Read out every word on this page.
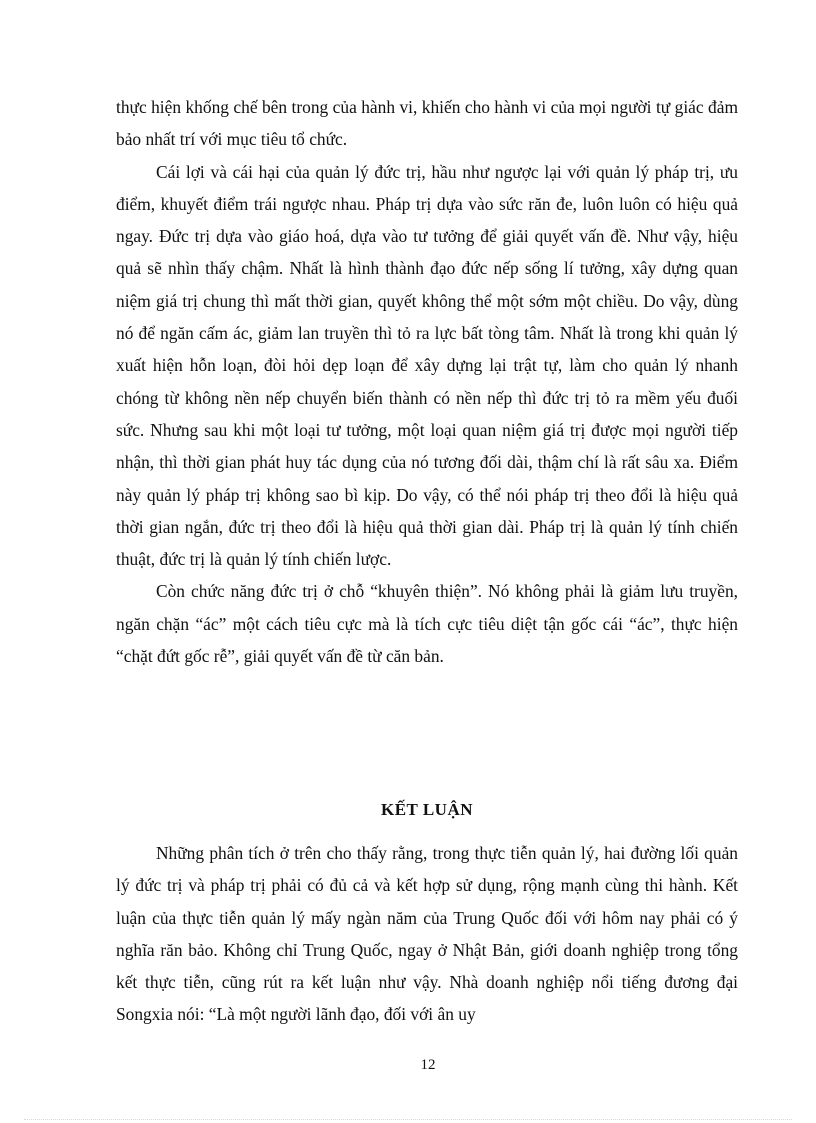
thực hiện khống chế bên trong của hành vi, khiến cho hành vi của mọi người tự giác đảm bảo nhất trí với mục tiêu tổ chức.

Cái lợi và cái hại của quản lý đức trị, hầu như ngược lại với quản lý pháp trị, ưu điểm, khuyết điểm trái ngược nhau. Pháp trị dựa vào sức răn đe, luôn luôn có hiệu quả ngay. Đức trị dựa vào giáo hoá, dựa vào tư tưởng để giải quyết vấn đề. Như vậy, hiệu quả sẽ nhìn thấy chậm. Nhất là hình thành đạo đức nếp sống lí tưởng, xây dựng quan niệm giá trị chung thì mất thời gian, quyết không thể một sớm một chiều. Do vậy, dùng nó để ngăn cấm ác, giảm lan truyền thì tỏ ra lực bất tòng tâm. Nhất là trong khi quản lý xuất hiện hỗn loạn, đòi hỏi dẹp loạn để xây dựng lại trật tự, làm cho quản lý nhanh chóng từ không nền nếp chuyển biến thành có nền nếp thì đức trị tỏ ra mềm yếu đuối sức. Nhưng sau khi một loại tư tưởng, một loại quan niệm giá trị được mọi người tiếp nhận, thì thời gian phát huy tác dụng của nó tương đối dài, thậm chí là rất sâu xa. Điểm này quản lý pháp trị không sao bì kịp. Do vậy, có thể nói pháp trị theo đổi là hiệu quả thời gian ngắn, đức trị theo đổi là hiệu quả thời gian dài. Pháp trị là quản lý tính chiến thuật, đức trị là quản lý tính chiến lược.

Còn chức năng đức trị ở chỗ “khuyên thiện”. Nó không phải là giảm lưu truyền, ngăn chặn “ác” một cách tiêu cực mà là tích cực tiêu diệt tận gốc cái “ác”, thực hiện “chặt đứt gốc rễ”, giải quyết vấn đề từ căn bản.

KẾT LUẬN

Những phân tích ở trên cho thấy rằng, trong thực tiễn quản lý, hai đường lối quản lý đức trị và pháp trị phải có đủ cả và kết hợp sử dụng, rộng mạnh cùng thi hành. Kết luận của thực tiễn quản lý mấy ngàn năm của Trung Quốc đối với hôm nay phải có ý nghĩa răn bảo. Không chỉ Trung Quốc, ngay ở Nhật Bản, giới doanh nghiệp trong tổng kết thực tiễn, cũng rút ra kết luận như vậy. Nhà doanh nghiệp nổi tiếng đương đại Songxia nói: “Là một người lãnh đạo, đối với ân uy

12
